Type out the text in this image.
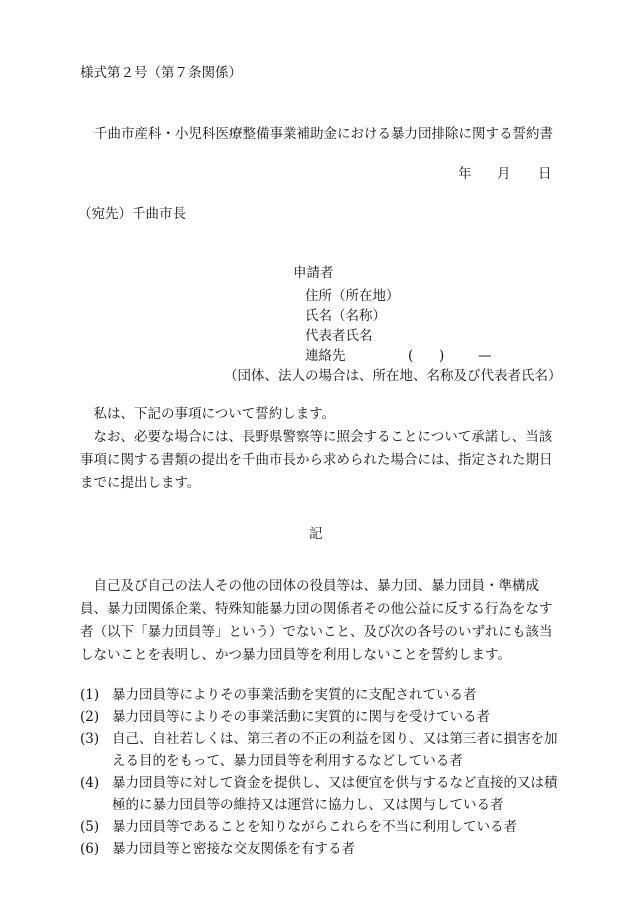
様式第２号（第７条関係）
千曲市産科・小児科医療整備事業補助金における暴力団排除に関する誓約書
年 月 日
（宛先）千曲市長
申請者
住所（所在地）
氏名（名称）
代表者氏名
連絡先	( ) —
（団体、法人の場合は、所在地、名称及び代表者氏名）

私は、下記の事項について誓約します。

なお、必要な場合には、長野県警察等に照会することについて承諾し、当該事項に関する書類の提出を千曲市長から求められた場合には、指定された期日までに提出します。

記

自己及び自己の法人その他の団体の役員等は、暴力団、暴力団員・準構成員、暴力団関係企業、特殊知能暴力団の関係者その他公益に反する行為をなす者（以下「暴力団員等」という）でないこと、及び次の各号のいずれにも該当しないことを表明し、かつ暴力団員等を利用しないことを誓約します。

(1) 暴力団員等によりその事業活動を実質的に支配されている者
(2) 暴力団員等によりその事業活動に実質的に関与を受けている者
(3) 自己、自社若しくは、第三者の不正の利益を図り、又は第三者に損害を加える目的をもって、暴力団員等を利用するなどしている者
(4) 暴力団員等に対して資金を提供し、又は便宜を供与するなど直接的又は積極的に暴力団員等の維持又は運営に協力し、又は関与している者
(5) 暴力団員等であることを知りながらこれらを不当に利用している者
(6) 暴力団員等と密接な交友関係を有する者
